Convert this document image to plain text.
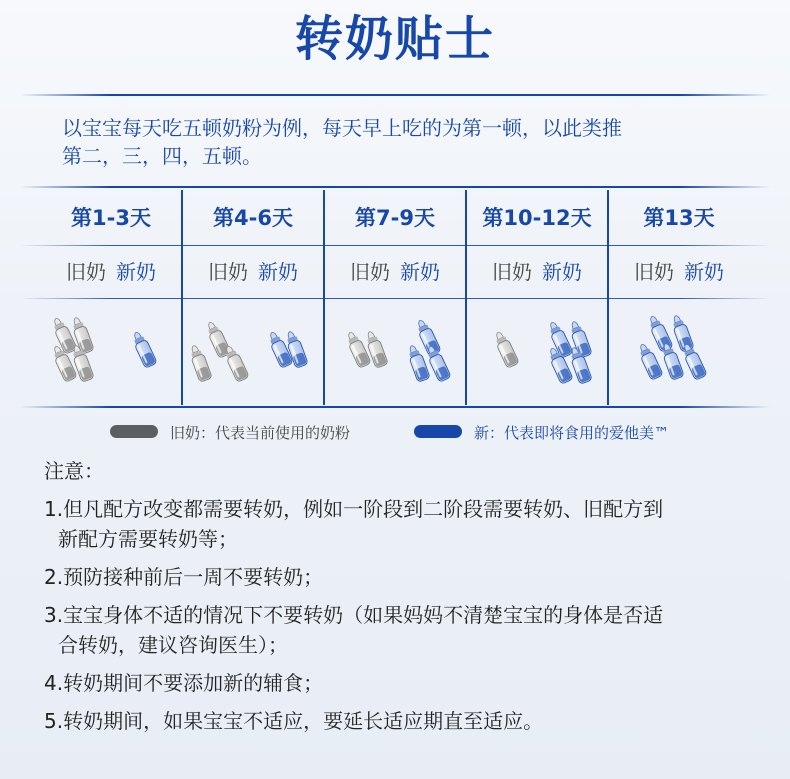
转奶贴士
以宝宝每天吃五顿奶粉为例，每天早上吃的为第一顿，以此类推
第二，三，四，五顿。
第1-3天
旧奶 新奶
第4-6天
旧奶 新奶
第7-9天
旧奶 新奶
第10-12天
旧奶 新奶
第13天
旧奶 新奶
旧奶：代表当前使用的奶粉	新：代表即将食用的爱他美™
注意：
1.但凡配方改变都需要转奶，例如一阶段到二阶段需要转奶、旧配方到
新配方需要转奶等；
2.预防接种前后一周不要转奶；
3.宝宝身体不适的情况下不要转奶（如果妈妈不清楚宝宝的身体是否适
合转奶，建议咨询医生）；
4.转奶期间不要添加新的辅食；
5.转奶期间，如果宝宝不适应，要延长适应期直至适应。
